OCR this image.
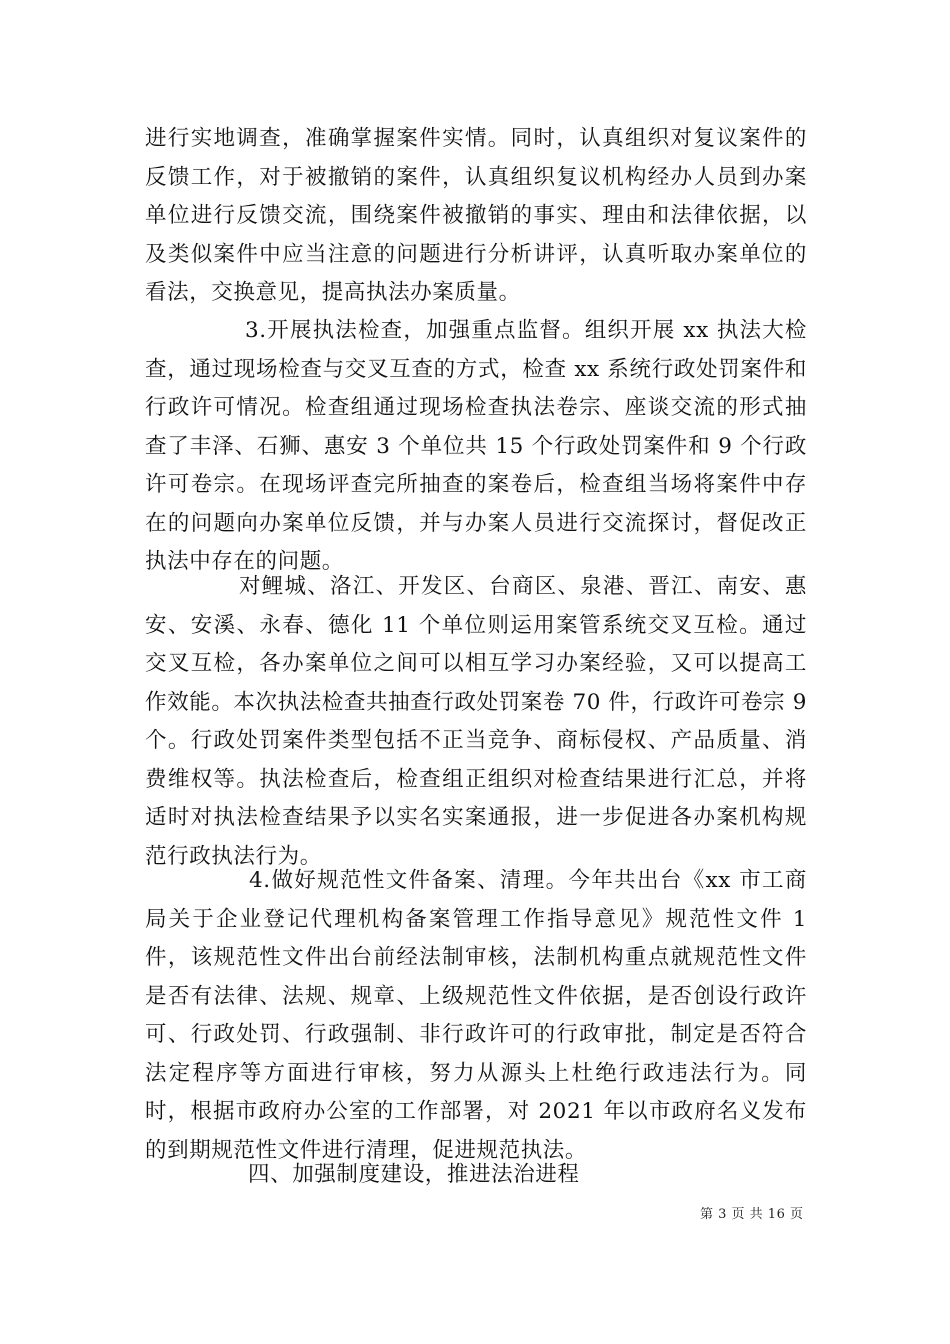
进行实地调查，准确掌握案件实情。同时，认真组织对复议案件的反馈工作，对于被撤销的案件，认真组织复议机构经办人员到办案单位进行反馈交流，围绕案件被撤销的事实、理由和法律依据，以及类似案件中应当注意的问题进行分析讲评，认真听取办案单位的看法，交换意见，提高执法办案质量。

3.开展执法检查，加强重点监督。组织开展 xx 执法大检查，通过现场检查与交叉互查的方式，检查 xx 系统行政处罚案件和行政许可情况。检查组通过现场检查执法卷宗、座谈交流的形式抽查了丰泽、石狮、惠安 3 个单位共 15 个行政处罚案件和 9 个行政许可卷宗。在现场评查完所抽查的案卷后，检查组当场将案件中存在的问题向办案单位反馈，并与办案人员进行交流探讨，督促改正执法中存在的问题。

对鲤城、洛江、开发区、台商区、泉港、晋江、南安、惠安、安溪、永春、德化 11 个单位则运用案管系统交叉互检。通过交叉互检，各办案单位之间可以相互学习办案经验，又可以提高工作效能。本次执法检查共抽查行政处罚案卷 70 件，行政许可卷宗 9 个。行政处罚案件类型包括不正当竞争、商标侵权、产品质量、消费维权等。执法检查后，检查组正组织对检查结果进行汇总，并将适时对执法检查结果予以实名实案通报，进一步促进各办案机构规范行政执法行为。

4.做好规范性文件备案、清理。今年共出台《xx 市工商局关于企业登记代理机构备案管理工作指导意见》规范性文件 1 件，该规范性文件出台前经法制审核，法制机构重点就规范性文件是否有法律、法规、规章、上级规范性文件依据，是否创设行政许可、行政处罚、行政强制、非行政许可的行政审批，制定是否符合法定程序等方面进行审核，努力从源头上杜绝行政违法行为。同时，根据市政府办公室的工作部署，对 2021 年以市政府名义发布的到期规范性文件进行清理，促进规范执法。

四、加强制度建设，推进法治进程

第 3 页 共 16 页
